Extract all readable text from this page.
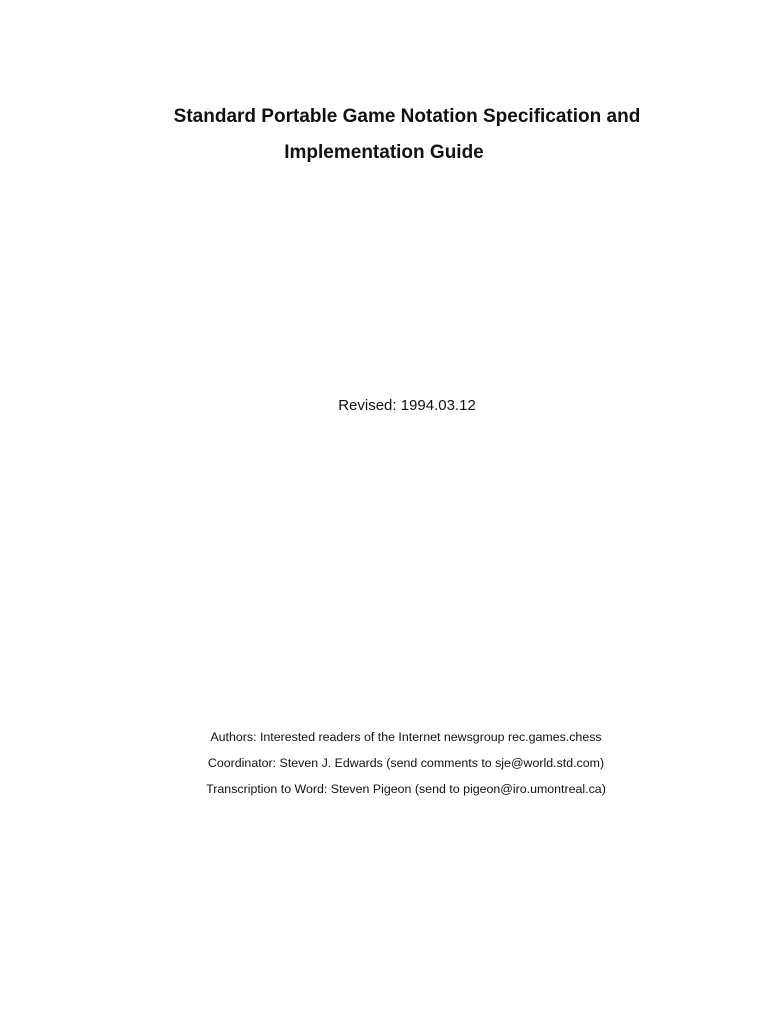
Standard Portable Game Notation Specification and
Implementation Guide
Revised: 1994.03.12
Authors: Interested readers of the Internet newsgroup rec.games.chess
Coordinator: Steven J. Edwards (send comments to sje@world.std.com)
Transcription to Word: Steven Pigeon (send to pigeon@iro.umontreal.ca)
